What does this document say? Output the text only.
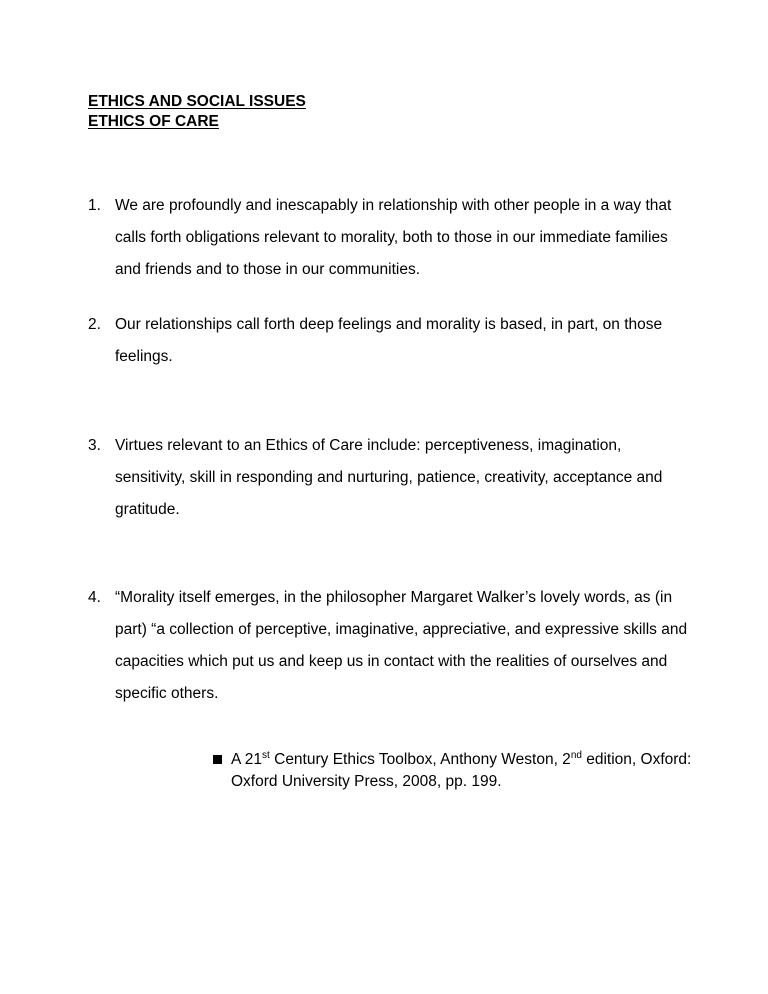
ETHICS AND SOCIAL ISSUES
ETHICS OF CARE
1. We are profoundly and inescapably in relationship with other people in a way that calls forth obligations relevant to morality, both to those in our immediate families and friends and to those in our communities.
2. Our relationships call forth deep feelings and morality is based, in part, on those feelings.
3. Virtues relevant to an Ethics of Care include: perceptiveness, imagination, sensitivity, skill in responding and nurturing, patience, creativity, acceptance and gratitude.
4. “Morality itself emerges, in the philosopher Margaret Walker’s lovely words, as (in part) “a collection of perceptive, imaginative, appreciative, and expressive skills and capacities which put us and keep us in contact with the realities of ourselves and specific others.
A 21st Century Ethics Toolbox, Anthony Weston, 2nd edition, Oxford: Oxford University Press, 2008, pp. 199.
